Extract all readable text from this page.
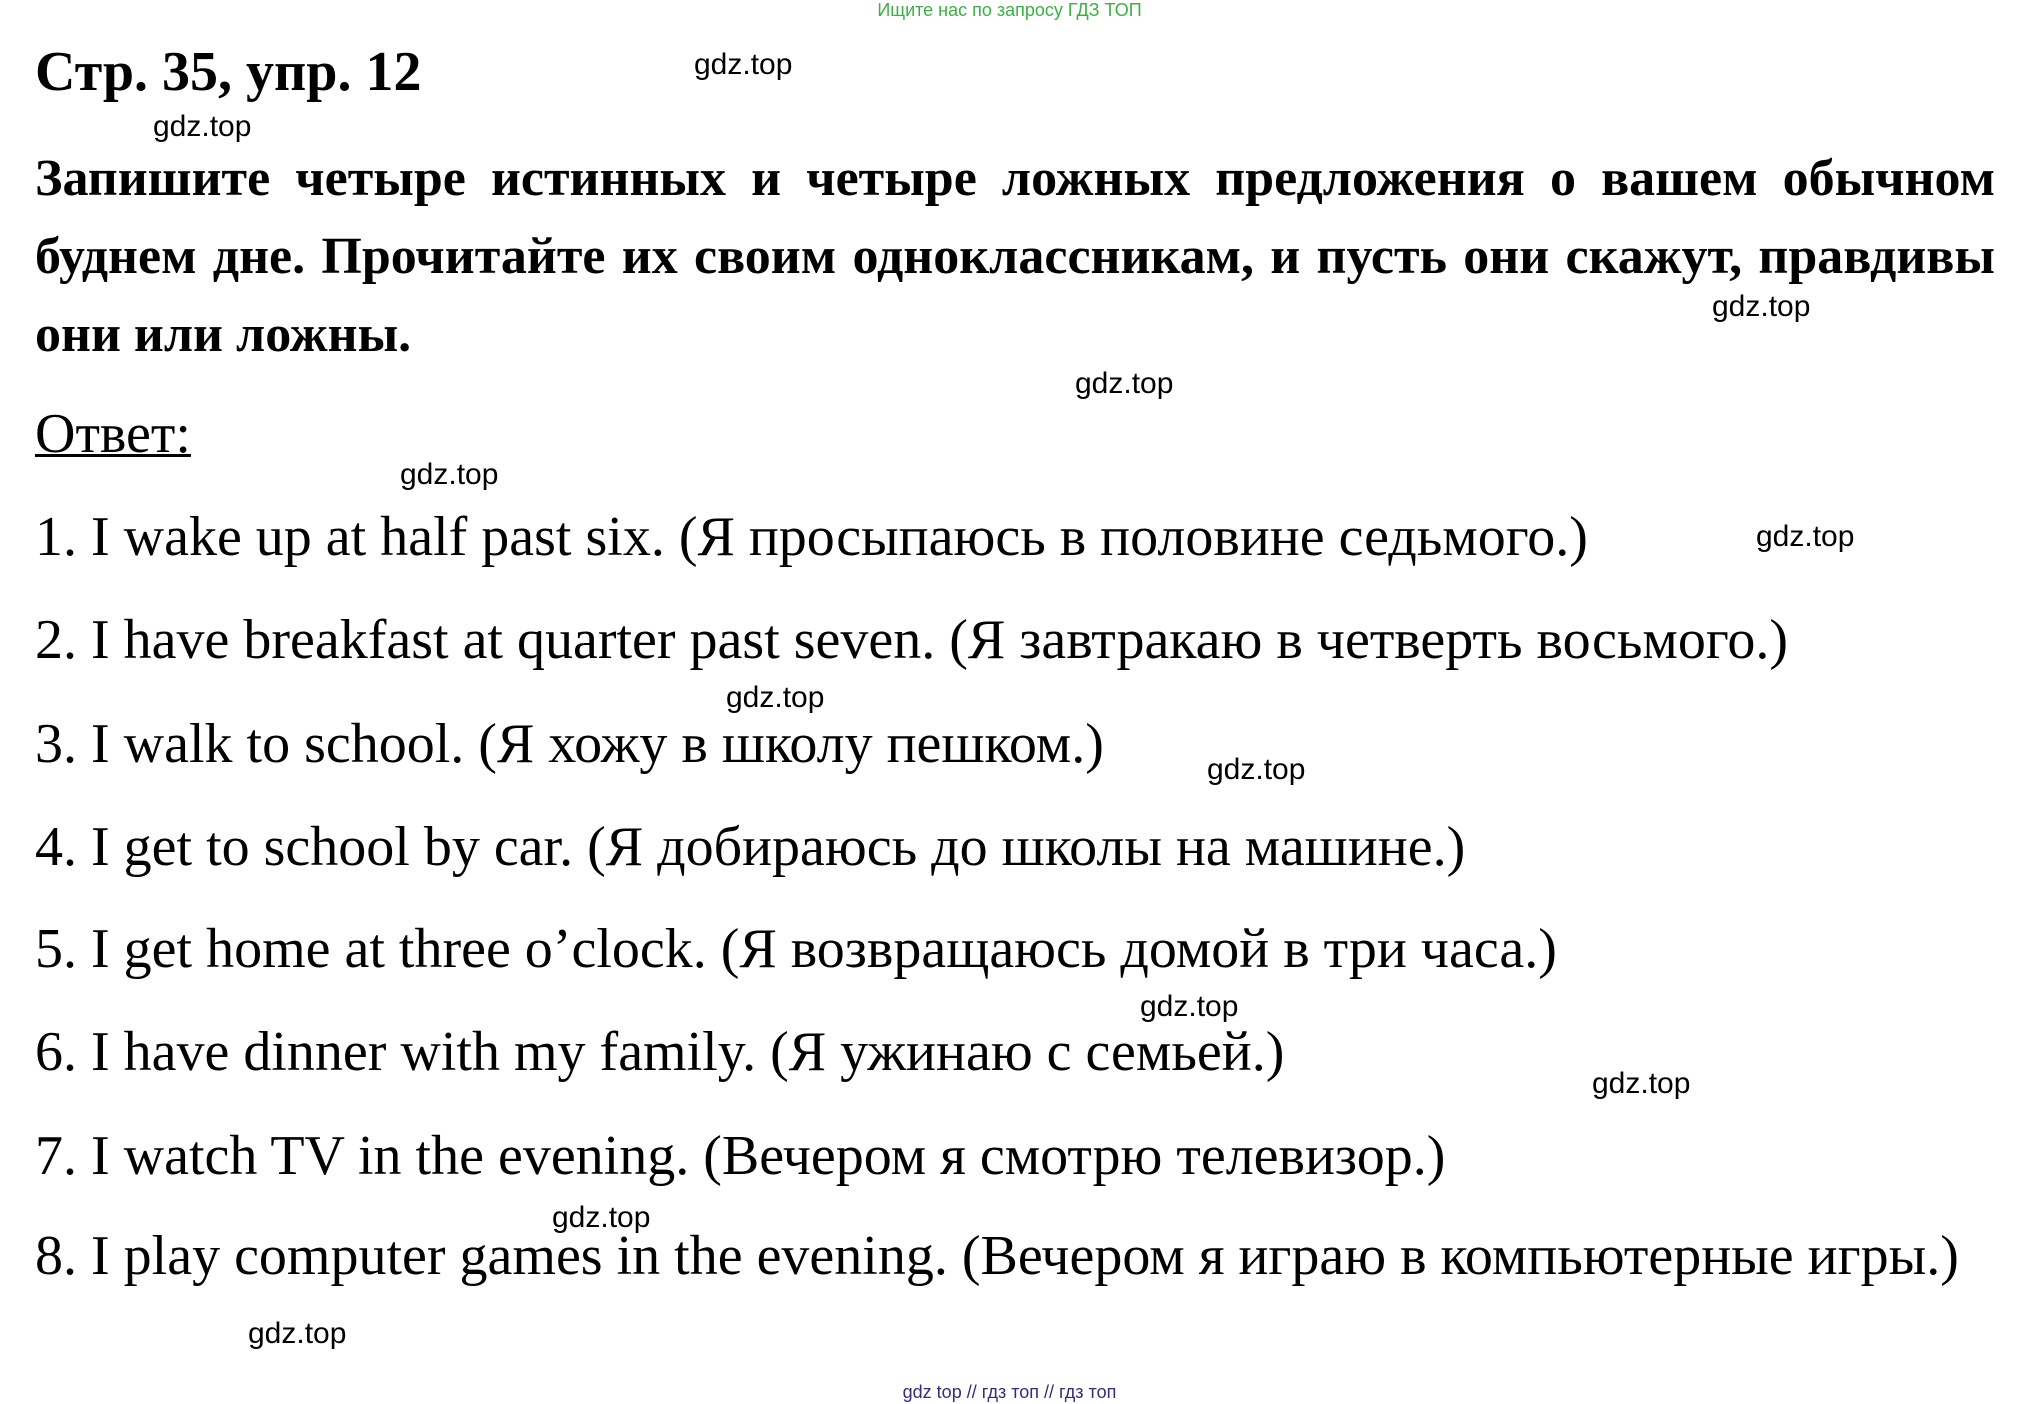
Ищите нас по запросу ГДЗ ТОП
Стр. 35, упр. 12
Запишите четыре истинных и четыре ложных предложения о вашем обычном буднем дне. Прочитайте их своим одноклассникам, и пусть они скажут, правдивы они или ложны.
Ответ:
1. I wake up at half past six. (Я просыпаюсь в половине седьмого.)
2. I have breakfast at quarter past seven. (Я завтракаю в четверть восьмого.)
3. I walk to school. (Я хожу в школу пешком.)
4. I get to school by car. (Я добираюсь до школы на машине.)
5. I get home at three o’clock. (Я возвращаюсь домой в три часа.)
6. I have dinner with my family. (Я ужинаю с семьей.)
7. I watch TV in the evening. (Вечером я смотрю телевизор.)
8. I play computer games in the evening. (Вечером я играю в компьютерные игры.)
gdz.top
gdz.top
gdz.top
gdz.top
gdz.top
gdz.top
gdz.top
gdz.top
gdz.top
gdz.top
gdz.top
gdz.top
gdz top // гдз топ // гдз топ
